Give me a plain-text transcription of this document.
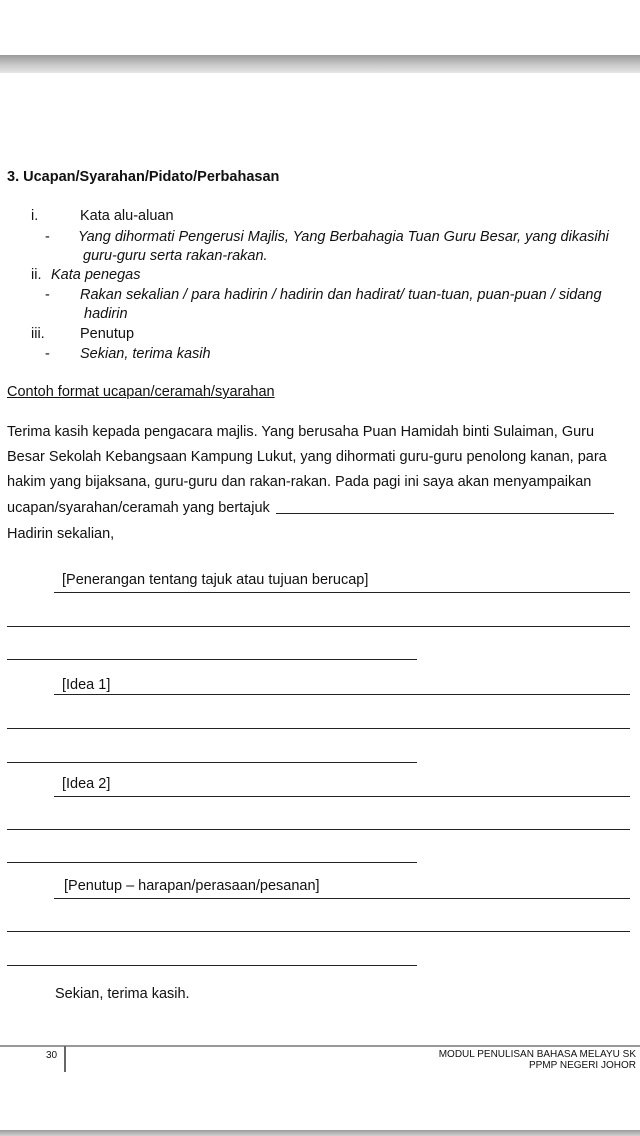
3. Ucapan/Syarahan/Pidato/Perbahasan
i.	Kata alu-aluan
- Yang dihormati Pengerusi Majlis, Yang Berbahagia Tuan Guru Besar, yang dikasihi
guru-guru serta rakan-rakan.
ii. Kata penegas
- Rakan sekalian / para hadirin / hadirin dan hadirat/ tuan-tuan, puan-puan / sidang
hadirin
iii. Penutup
- Sekian, terima kasih
Contoh format ucapan/ceramah/syarahan
Terima kasih kepada pengacara majlis. Yang berusaha Puan Hamidah binti Sulaiman, Guru
Besar Sekolah Kebangsaan Kampung Lukut, yang dihormati guru-guru penolong kanan, para
hakim yang bijaksana, guru-guru dan rakan-rakan. Pada pagi ini saya akan menyampaikan
ucapan/syarahan/ceramah yang bertajuk
Hadirin sekalian,
[Penerangan tentang tajuk atau tujuan berucap]
[Idea 1]
[Idea 2]
[Penutup – harapan/perasaan/pesanan]
Sekian, terima kasih.
30	MODUL PENULISAN BAHASA MELAYU SK
PPMP NEGERI JOHOR
